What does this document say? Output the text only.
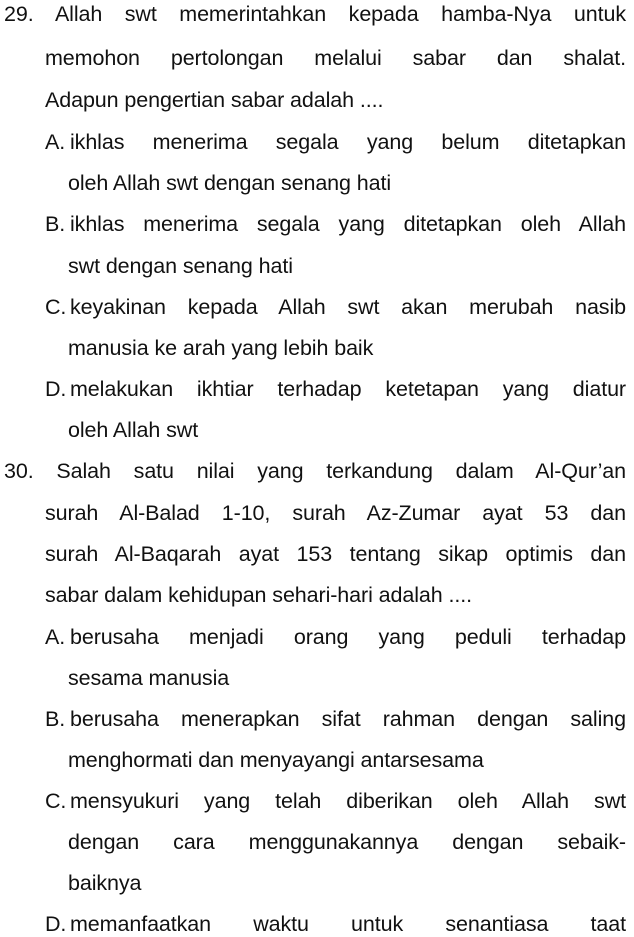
29. Allah swt memerintahkan kepada hamba-Nya untuk
memohon pertolongan melalui sabar dan shalat.
Adapun pengertian sabar adalah ....
A. ikhlas menerima segala yang belum ditetapkan
oleh Allah swt dengan senang hati
B. ikhlas menerima segala yang ditetapkan oleh Allah
swt dengan senang hati
C. keyakinan kepada Allah swt akan merubah nasib
manusia ke arah yang lebih baik
D. melakukan ikhtiar terhadap ketetapan yang diatur
oleh Allah swt
30. Salah satu nilai yang terkandung dalam Al-Qur’an
surah Al-Balad 1-10, surah Az-Zumar ayat 53 dan
surah Al-Baqarah ayat 153 tentang sikap optimis dan
sabar dalam kehidupan sehari-hari adalah ....
A. berusaha menjadi orang yang peduli terhadap
sesama manusia
B. berusaha menerapkan sifat rahman dengan saling
menghormati dan menyayangi antarsesama
C. mensyukuri yang telah diberikan oleh Allah swt
dengan cara menggunakannya dengan sebaik-
baiknya
D. memanfaatkan waktu untuk senantiasa taat
